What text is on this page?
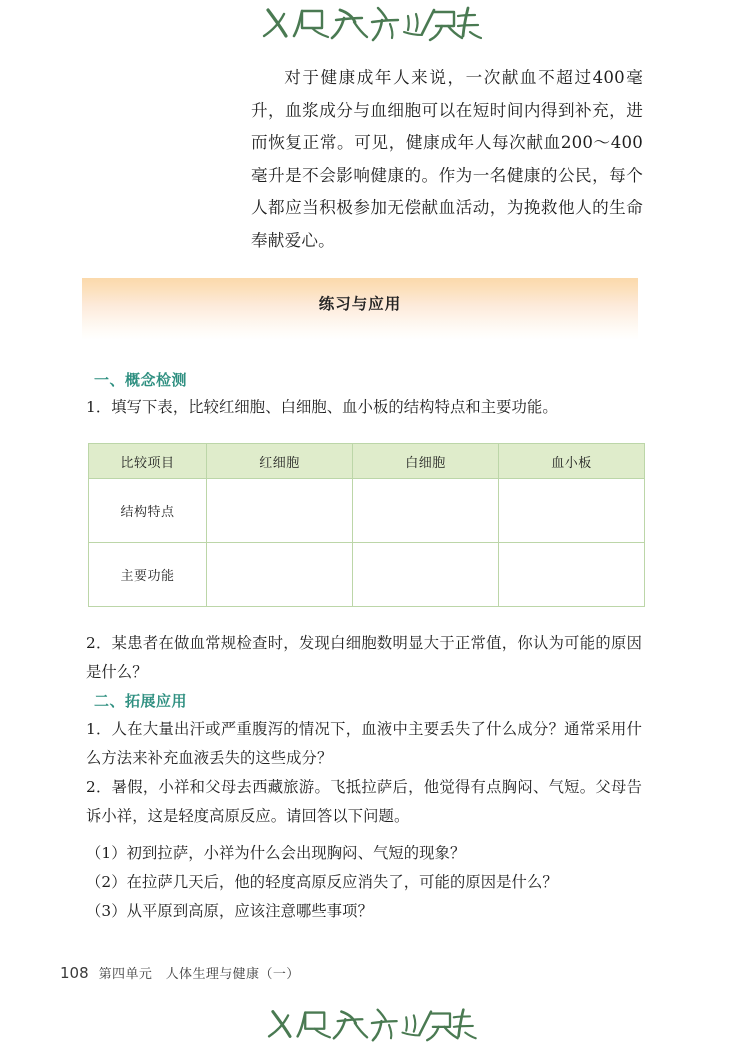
对于健康成年人来说，一次献血不超过400毫升，血浆成分与血细胞可以在短时间内得到补充，进而恢复正常。可见，健康成年人每次献血200～400毫升是不会影响健康的。作为一名健康的公民，每个人都应当积极参加无偿献血活动，为挽救他人的生命奉献爱心。

练习与应用
一、概念检测

1．填写下表，比较红细胞、白细胞、血小板的结构特点和主要功能。

比较项目	红细胞	白细胞	血小板
结构特点			
主要功能			

2．某患者在做血常规检查时，发现白细胞数明显大于正常值，你认为可能的原因是什么？

二、拓展应用

1．人在大量出汗或严重腹泻的情况下，血液中主要丢失了什么成分？通常采用什么方法来补充血液丢失的这些成分？

2．暑假，小祥和父母去西藏旅游。飞抵拉萨后，他觉得有点胸闷、气短。父母告诉小祥，这是轻度高原反应。请回答以下问题。

（1）初到拉萨，小祥为什么会出现胸闷、气短的现象？

（2）在拉萨几天后，他的轻度高原反应消失了，可能的原因是什么？

（3）从平原到高原，应该注意哪些事项？

108 第四单元　人体生理与健康（一）
